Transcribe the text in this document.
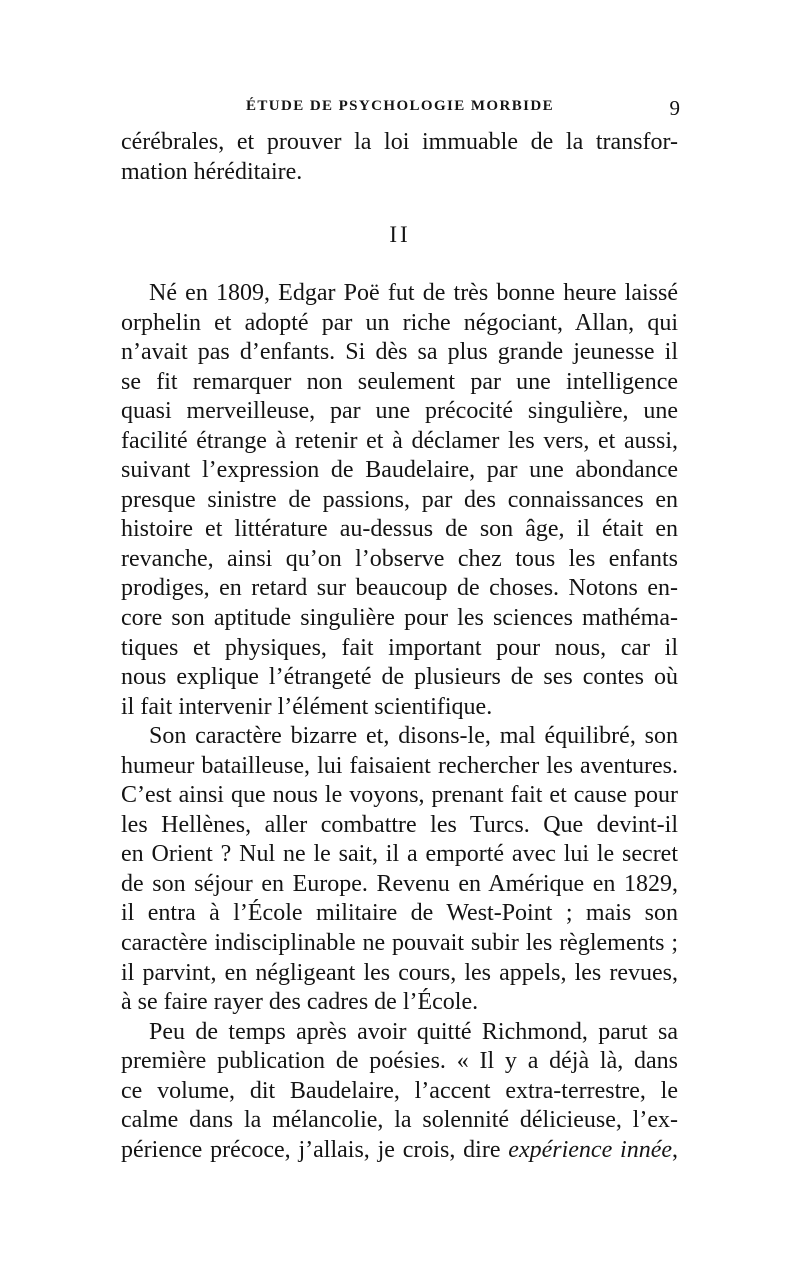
ÉTUDE DE PSYCHOLOGIE MORBIDE	9
cérébrales, et prouver la loi immuable de la transfor-
mation héréditaire.
II
Né en 1809, Edgar Poë fut de très bonne heure laissé
orphelin et adopté par un riche négociant, Allan, qui
n’avait pas d’enfants. Si dès sa plus grande jeunesse il
se fit remarquer non seulement par une intelligence
quasi merveilleuse, par une précocité singulière, une
facilité étrange à retenir et à déclamer les vers, et aussi,
suivant l’expression de Baudelaire, par une abondance
presque sinistre de passions, par des connaissances en
histoire et littérature au-dessus de son âge, il était en
revanche, ainsi qu’on l’observe chez tous les enfants
prodiges, en retard sur beaucoup de choses. Notons en-
core son aptitude singulière pour les sciences mathéma-
tiques et physiques, fait important pour nous, car il
nous explique l’étrangeté de plusieurs de ses contes où
il fait intervenir l’élément scientifique.
Son caractère bizarre et, disons-le, mal équilibré, son
humeur batailleuse, lui faisaient rechercher les aventures.
C’est ainsi que nous le voyons, prenant fait et cause pour
les Hellènes, aller combattre les Turcs. Que devint-il
en Orient ? Nul ne le sait, il a emporté avec lui le secret
de son séjour en Europe. Revenu en Amérique en 1829,
il entra à l’École militaire de West-Point ; mais son
caractère indisciplinable ne pouvait subir les règlements ;
il parvint, en négligeant les cours, les appels, les revues,
à se faire rayer des cadres de l’École.
Peu de temps après avoir quitté Richmond, parut sa
première publication de poésies. « Il y a déjà là, dans
ce volume, dit Baudelaire, l’accent extra-terrestre, le
calme dans la mélancolie, la solennité délicieuse, l’ex-
périence précoce, j’allais, je crois, dire expérience innée,
